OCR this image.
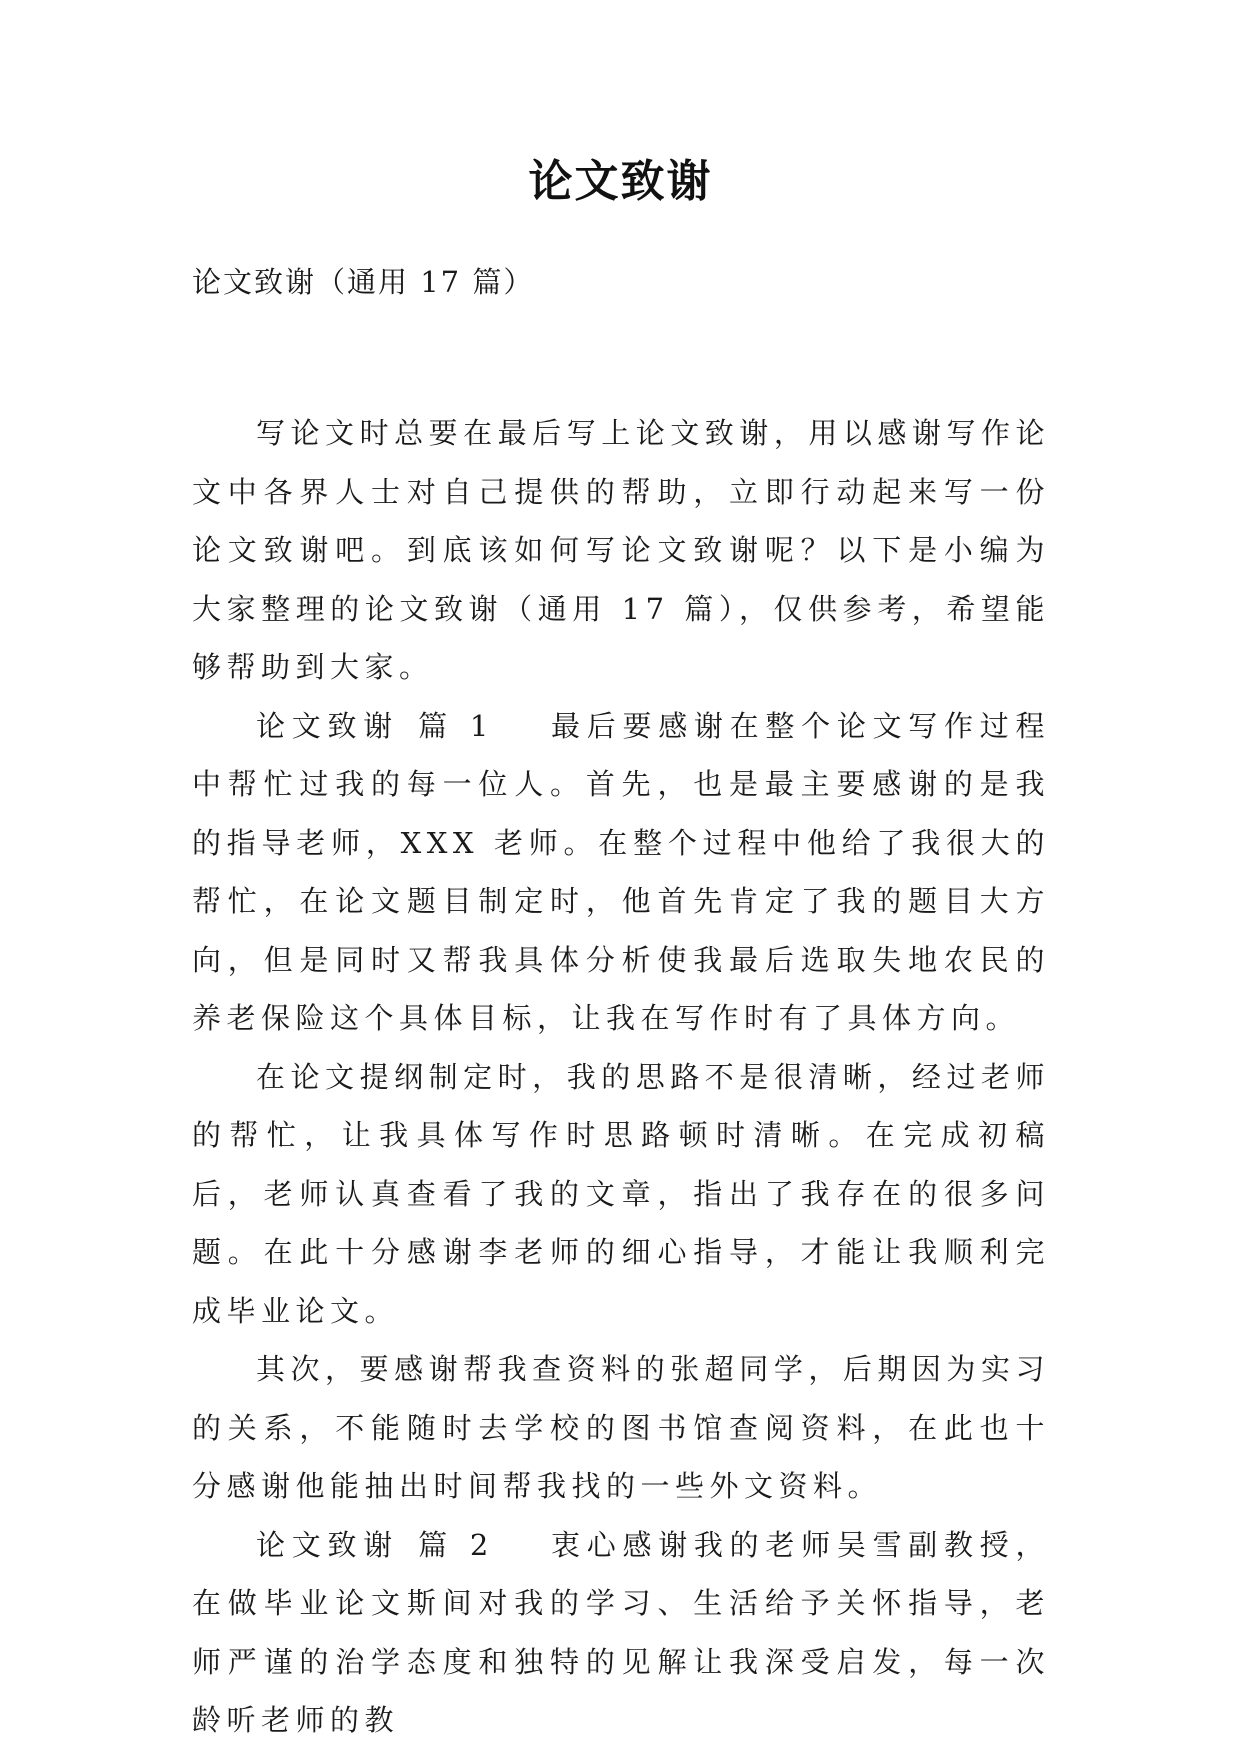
论文致谢
论文致谢（通用 17 篇）

写论文时总要在最后写上论文致谢，用以感谢写作论文中各界人士对自己提供的帮助，立即行动起来写一份论文致谢吧。到底该如何写论文致谢呢？以下是小编为大家整理的论文致谢（通用 17 篇），仅供参考，希望能够帮助到大家。

论文致谢 篇 1 最后要感谢在整个论文写作过程中帮忙过我的每一位人。首先，也是最主要感谢的是我的指导老师，XXX 老师。在整个过程中他给了我很大的帮忙，在论文题目制定时，他首先肯定了我的题目大方向，但是同时又帮我具体分析使我最后选取失地农民的养老保险这个具体目标，让我在写作时有了具体方向。

在论文提纲制定时，我的思路不是很清晰，经过老师的帮忙，让我具体写作时思路顿时清晰。在完成初稿后，老师认真查看了我的文章，指出了我存在的很多问题。在此十分感谢李老师的细心指导，才能让我顺利完成毕业论文。

其次，要感谢帮我查资料的张超同学，后期因为实习的关系，不能随时去学校的图书馆查阅资料，在此也十分感谢他能抽出时间帮我找的一些外文资料。

论文致谢 篇 2 衷心感谢我的老师吴雪副教授，在做毕业论文斯间对我的学习、生活给予关怀指导，老师严谨的治学态度和独特的见解让我深受启发，每一次龄听老师的教
